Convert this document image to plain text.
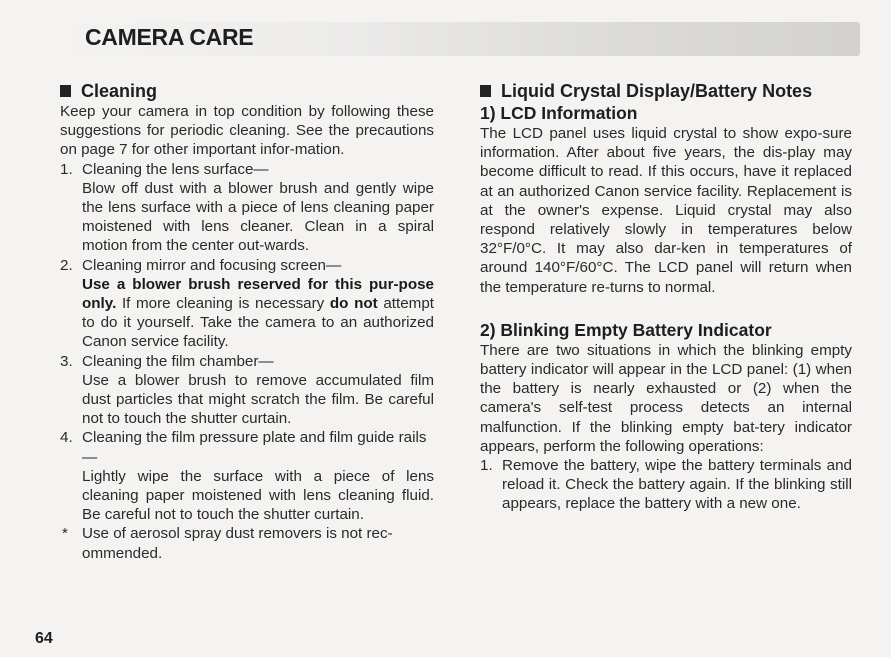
CAMERA CARE
Cleaning

Keep your camera in top condition by following these suggestions for periodic cleaning. See the precautions on page 7 for other important infor-mation.

1. Cleaning the lens surface—
Blow off dust with a blower brush and gently wipe the lens surface with a piece of lens cleaning paper moistened with lens cleaner. Clean in a spiral motion from the center out-wards.
2. Cleaning mirror and focusing screen—
Use a blower brush reserved for this pur-pose only. If more cleaning is necessary do not attempt to do it yourself. Take the camera to an authorized Canon service facility.
3. Cleaning the film chamber—
Use a blower brush to remove accumulated film dust particles that might scratch the film. Be careful not to touch the shutter curtain.
4. Cleaning the film pressure plate and film guide rails—
Lightly wipe the surface with a piece of lens cleaning paper moistened with lens cleaning fluid. Be careful not to touch the shutter curtain.
* Use of aerosol spray dust removers is not rec-ommended.
Liquid Crystal Display/Battery Notes
1) LCD Information

The LCD panel uses liquid crystal to show expo-sure information. After about five years, the dis-play may become difficult to read. If this occurs, have it replaced at an authorized Canon service facility. Replacement is at the owner's expense. Liquid crystal may also respond relatively slowly in temperatures below 32°F/0°C. It may also dar-ken in temperatures of around 140°F/60°C. The LCD panel will return when the temperature re-turns to normal.

2) Blinking Empty Battery Indicator

There are two situations in which the blinking empty battery indicator will appear in the LCD panel: (1) when the battery is nearly exhausted or (2) when the camera's self-test process detects an internal malfunction. If the blinking empty bat-tery indicator appears, perform the following operations:

1. Remove the battery, wipe the battery terminals and reload it. Check the battery again. If the blinking still appears, replace the battery with a new one.
64
